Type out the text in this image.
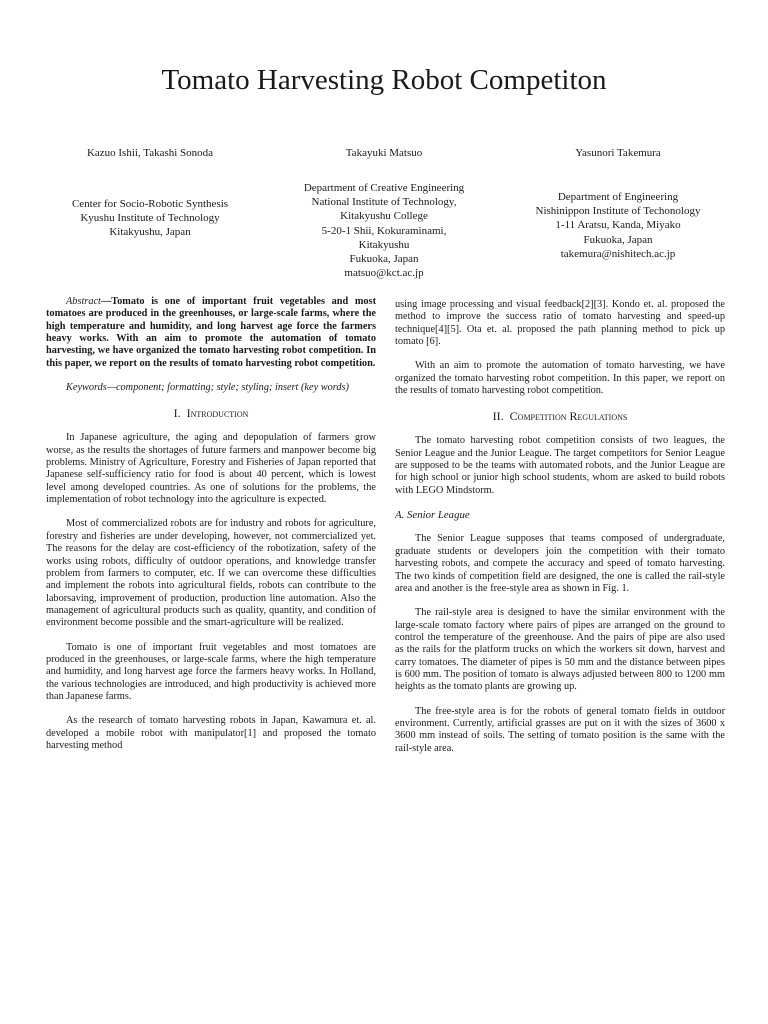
Tomato Harvesting Robot Competiton

Kazuo Ishii, Takashi Sonoda	Takayuki Matsuo	Yasunori Takemura

Center for Socio-Robotic Synthesis
Kyushu Institute of Technology
Kitakyushu, Japan
Department of Creative Engineering
National Institute of Technology,
Kitakyushu College
5-20-1 Shii, Kokuraminami,
Kitakyushu
Fukuoka, Japan
matsuo@kct.ac.jp
Department of Engineering
Nishinippon Institute of Techonology
1-11 Aratsu, Kanda, Miyako
Fukuoka, Japan
takemura@nishitech.ac.jp

Abstract—Tomato is one of important fruit vegetables and most tomatoes are produced in the greenhouses, or large-scale farms, where the high temperature and humidity, and long harvest age force the farmers heavy works. With an aim to promote the automation of tomato harvesting, we have organized the tomato harvesting robot competition. In this paper, we report on the results of tomato harvesting robot competition.

Keywords—component; formatting; style; styling; insert (key words)

I. Introduction

In Japanese agriculture, the aging and depopulation of farmers grow worse, as the results the shortages of future farmers and manpower become big problems. Ministry of Agriculture, Forestry and Fisheries of Japan reported that Japanese self-sufficiency ratio for food is about 40 percent, which is lowest level among developed countries. As one of solutions for the problems, the implementation of robot technology into the agriculture is expected.

Most of commercialized robots are for industry and robots for agriculture, forestry and fisheries are under developing, however, not commercialized yet. The reasons for the delay are cost-efficiency of the robotization, safety of the works using robots, difficulty of outdoor operations, and knowledge transfer problem from farmers to computer, etc. If we can overcome these difficulties and implement the robots into agricultural fields, robots can contribute to the laborsaving, improvement of production, production line automation. Also the management of agricultural products such as quality, quantity, and condition of environment become possible and the smart-agriculture will be realized.

Tomato is one of important fruit vegetables and most tomatoes are produced in the greenhouses, or large-scale farms, where the high temperature and humidity, and long harvest age force the farmers heavy works. In Holland, the various technologies are introduced, and high productivity is achieved more than Japanese farms.

As the research of tomato harvesting robots in Japan, Kawamura et. al. developed a mobile robot with manipulator[1] and proposed the tomato harvesting method

using image processing and visual feedback[2][3]. Kondo et. al. proposed the method to improve the success ratio of tomato harvesting and speed-up technique[4][5]. Ota et. al. proposed the path planning method to pick up tomato [6].

With an aim to promote the automation of tomato harvesting, we have organized the tomato harvesting robot competition. In this paper, we report on the results of tomato harvesting robot competition.

II. Competition Regulations

The tomato harvesting robot competition consists of two leagues, the Senior League and the Junior League. The target competitors for Senior League are supposed to be the teams with automated robots, and the Junior League are for high school or junior high school students, whom are asked to build robots with LEGO Mindstorm.

A. Senior League

The Senior League supposes that teams composed of undergraduate, graduate students or developers join the competition with their tomato harvesting robots, and compete the accuracy and speed of tomato harvesting. The two kinds of competition field are designed, the one is called the rail-style area and another is the free-style area as shown in Fig. 1.

The rail-style area is designed to have the similar environment with the large-scale tomato factory where pairs of pipes are arranged on the ground to control the temperature of the greenhouse. And the pairs of pipe are also used as the rails for the platform trucks on which the workers sit down, harvest and carry tomatoes. The diameter of pipes is 50 mm and the distance between pipes is 600 mm. The position of tomato is always adjusted between 800 to 1200 mm heights as the tomato plants are growing up.

The free-style area is for the robots of general tomato fields in outdoor environment. Currently, artificial grasses are put on it with the sizes of 3600 x 3600 mm instead of soils. The setting of tomato position is the same with the rail-style area.
